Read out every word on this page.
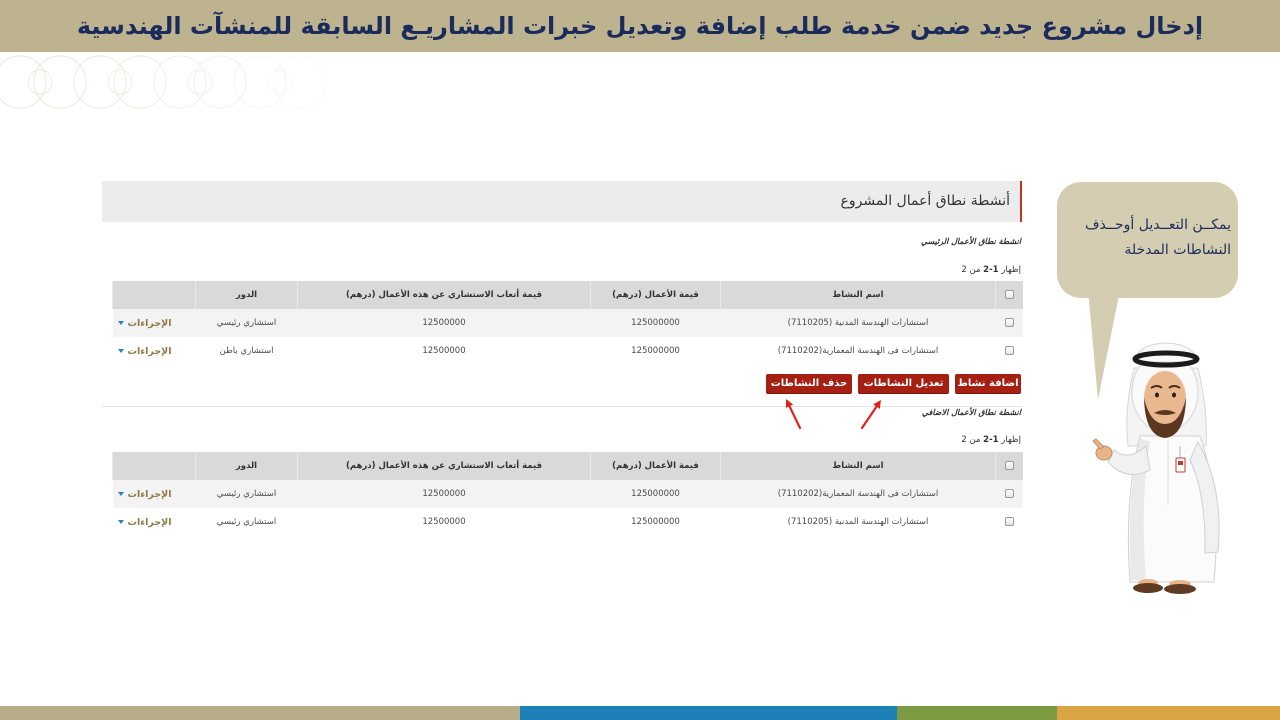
إدخال مشروع جديد ضمن خدمة طلب إضافة وتعديل خبرات المشاريـع السابقة للمنشآت الهندسية
أنشطة نطاق أعمال المشروع
انشطة نطاق الأعمال الرئيسي
إظهار 1-2 من 2
	اسم النشاط	قيمة الأعمال (درهم)	قيمة أتعاب الاستشاري عن هذه الأعمال (درهم)	الدور	
	استشارات الهندسة المدنية (7110205)	125000000	12500000	استشاري رئيسي	الإجراءات

	استشارات فى الهندسة المعمارية(7110202)	125000000	12500000	استشاري باطن	الإجراءات
اضافة نشاط
تعديل النشاطات
حذف النشاطات
انشطة نطاق الأعمال الاضافي
إظهار 1-2 من 2
	اسم النشاط	قيمة الأعمال (درهم)	قيمة أتعاب الاستشاري عن هذه الأعمال (درهم)	الدور	
	استشارات فى الهندسة المعمارية(7110202)	125000000	12500000	استشاري رئيسي	الإجراءات

	استشارات الهندسة المدنية (7110205)	125000000	12500000	استشاري رئيسي	الإجراءات
يمكــن التعــديل أوحــذف
النشاطات المدخلة
